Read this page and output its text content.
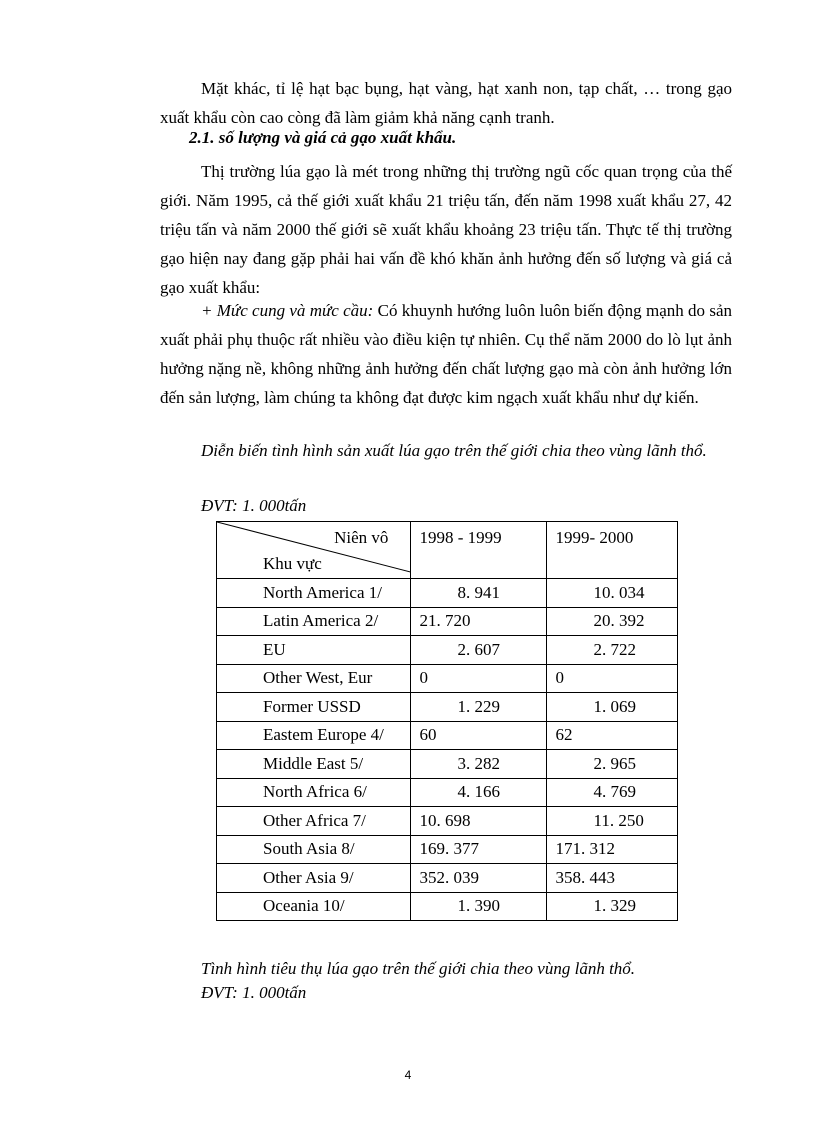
Mặt khác, tỉ lệ hạt bạc bụng, hạt vàng, hạt xanh non, tạp chất, … trong gạo xuất khẩu còn cao còng đã làm giảm khả năng cạnh tranh.

2.1. số lượng và giá cả gạo xuất khẩu.

Thị trường lúa gạo là mét trong những thị trường ngũ cốc quan trọng của thế giới. Năm 1995, cả thế giới xuất khẩu 21 triệu tấn, đến năm 1998 xuất khẩu 27, 42 triệu tấn và năm 2000 thế giới sẽ xuất khẩu khoảng 23 triệu tấn. Thực tế thị trường gạo hiện nay đang gặp phải hai vấn đề khó khăn ảnh hưởng đến số lượng và giá cả gạo xuất khẩu:

+ Mức cung và mức cầu: Có khuynh hướng luôn luôn biến động mạnh do sản xuất phải phụ thuộc rất nhiều vào điều kiện tự nhiên. Cụ thể năm 2000 do lò lụt ảnh hưởng nặng nề, không những ảnh hưởng đến chất lượng gạo mà còn ảnh hưởng lớn đến sản lượng, làm chúng ta không đạt được kim ngạch xuất khẩu như dự kiến.

Diễn biến tình hình sản xuất lúa gạo trên thế giới chia theo vùng lãnh thổ.

ĐVT: 1. 000tấn

Niên vô
Khu vực	1998 - 1999	1999- 2000
North America 1/	8. 941	10. 034
Latin America 2/	21. 720	20. 392
EU	2. 607	2. 722
Other West, Eur	0	0
Former USSD	1. 229	1. 069
Eastem Europe 4/	60	62
Middle East 5/	3. 282	2. 965
North Africa 6/	4. 166	4. 769
Other Africa 7/	10. 698	11. 250
South Asia 8/	169. 377	171. 312
Other Asia 9/	352. 039	358. 443
Oceania 10/	1. 390	1. 329

Tình hình tiêu thụ lúa gạo trên thế giới chia theo vùng lãnh thổ.

ĐVT: 1. 000tấn

4
